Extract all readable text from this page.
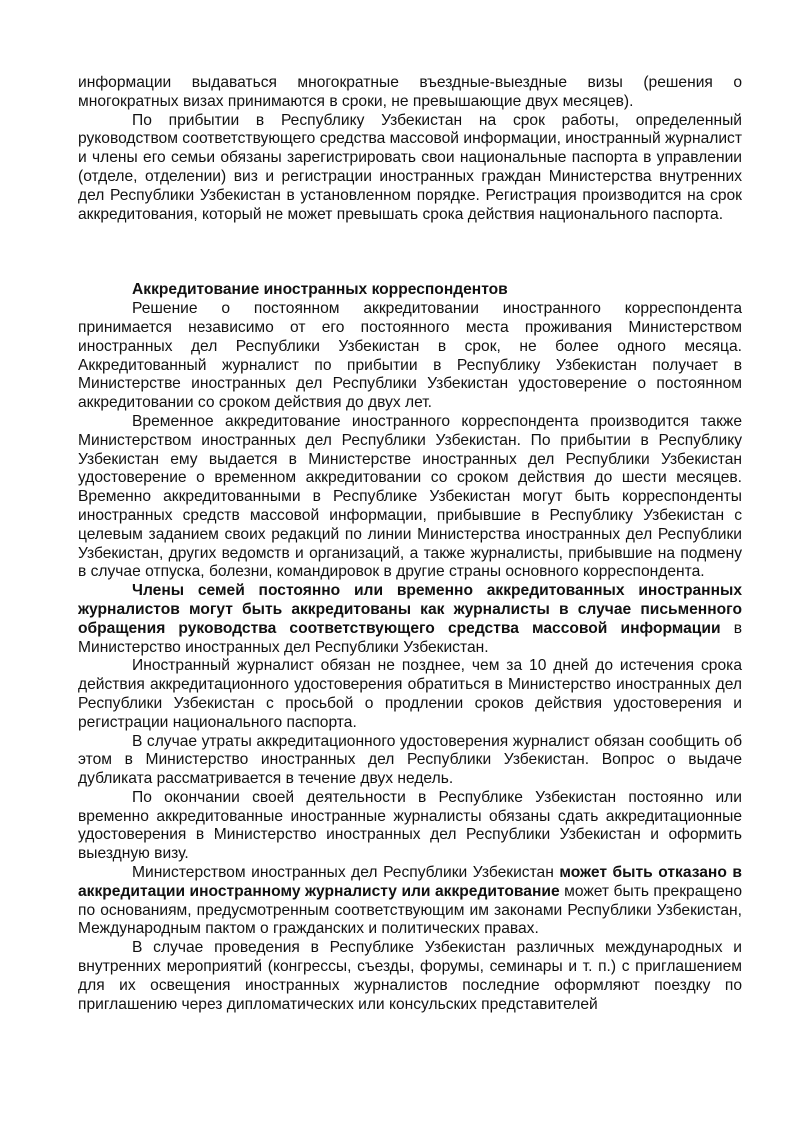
информации выдаваться многократные въездные-выездные визы (решения о многократных визах принимаются в сроки, не превышающие двух месяцев).

По прибытии в Республику Узбекистан на срок работы, определенный руководством соответствующего средства массовой информации, иностранный журналист и члены его семьи обязаны зарегистрировать свои национальные паспорта в управлении (отделе, отделении) виз и регистрации иностранных граждан Министерства внутренних дел Республики Узбекистан в установленном порядке. Регистрация производится на срок аккредитования, который не может превышать срока действия национального паспорта.

Аккредитование иностранных корреспондентов

Решение о постоянном аккредитовании иностранного корреспондента принимается независимо от его постоянного места проживания Министерством иностранных дел Республики Узбекистан в срок, не более одного месяца. Аккредитованный журналист по прибытии в Республику Узбекистан получает в Министерстве иностранных дел Республики Узбекистан удостоверение о постоянном аккредитовании со сроком действия до двух лет.

Временное аккредитование иностранного корреспондента производится также Министерством иностранных дел Республики Узбекистан. По прибытии в Республику Узбекистан ему выдается в Министерстве иностранных дел Республики Узбекистан удостоверение о временном аккредитовании со сроком действия до шести месяцев. Временно аккредитованными в Республике Узбекистан могут быть корреспонденты иностранных средств массовой информации, прибывшие в Республику Узбекистан с целевым заданием своих редакций по линии Министерства иностранных дел Республики Узбекистан, других ведомств и организаций, а также журналисты, прибывшие на подмену в случае отпуска, болезни, командировок в другие страны основного корреспондента.

Члены семей постоянно или временно аккредитованных иностранных журналистов могут быть аккредитованы как журналисты в случае письменного обращения руководства соответствующего средства массовой информации в Министерство иностранных дел Республики Узбекистан.

Иностранный журналист обязан не позднее, чем за 10 дней до истечения срока действия аккредитационного удостоверения обратиться в Министерство иностранных дел Республики Узбекистан с просьбой о продлении сроков действия удостоверения и регистрации национального паспорта.

В случае утраты аккредитационного удостоверения журналист обязан сообщить об этом в Министерство иностранных дел Республики Узбекистан. Вопрос о выдаче дубликата рассматривается в течение двух недель.

По окончании своей деятельности в Республике Узбекистан постоянно или временно аккредитованные иностранные журналисты обязаны сдать аккредитационные удостоверения в Министерство иностранных дел Республики Узбекистан и оформить выездную визу.

Министерством иностранных дел Республики Узбекистан может быть отказано в аккредитации иностранному журналисту или аккредитование может быть прекращено по основаниям, предусмотренным соответствующим им законами Республики Узбекистан, Международным пактом о гражданских и политических правах.

В случае проведения в Республике Узбекистан различных международных и внутренних мероприятий (конгрессы, съезды, форумы, семинары и т. п.) с приглашением для их освещения иностранных журналистов последние оформляют поездку по приглашению через дипломатических или консульских представителей
